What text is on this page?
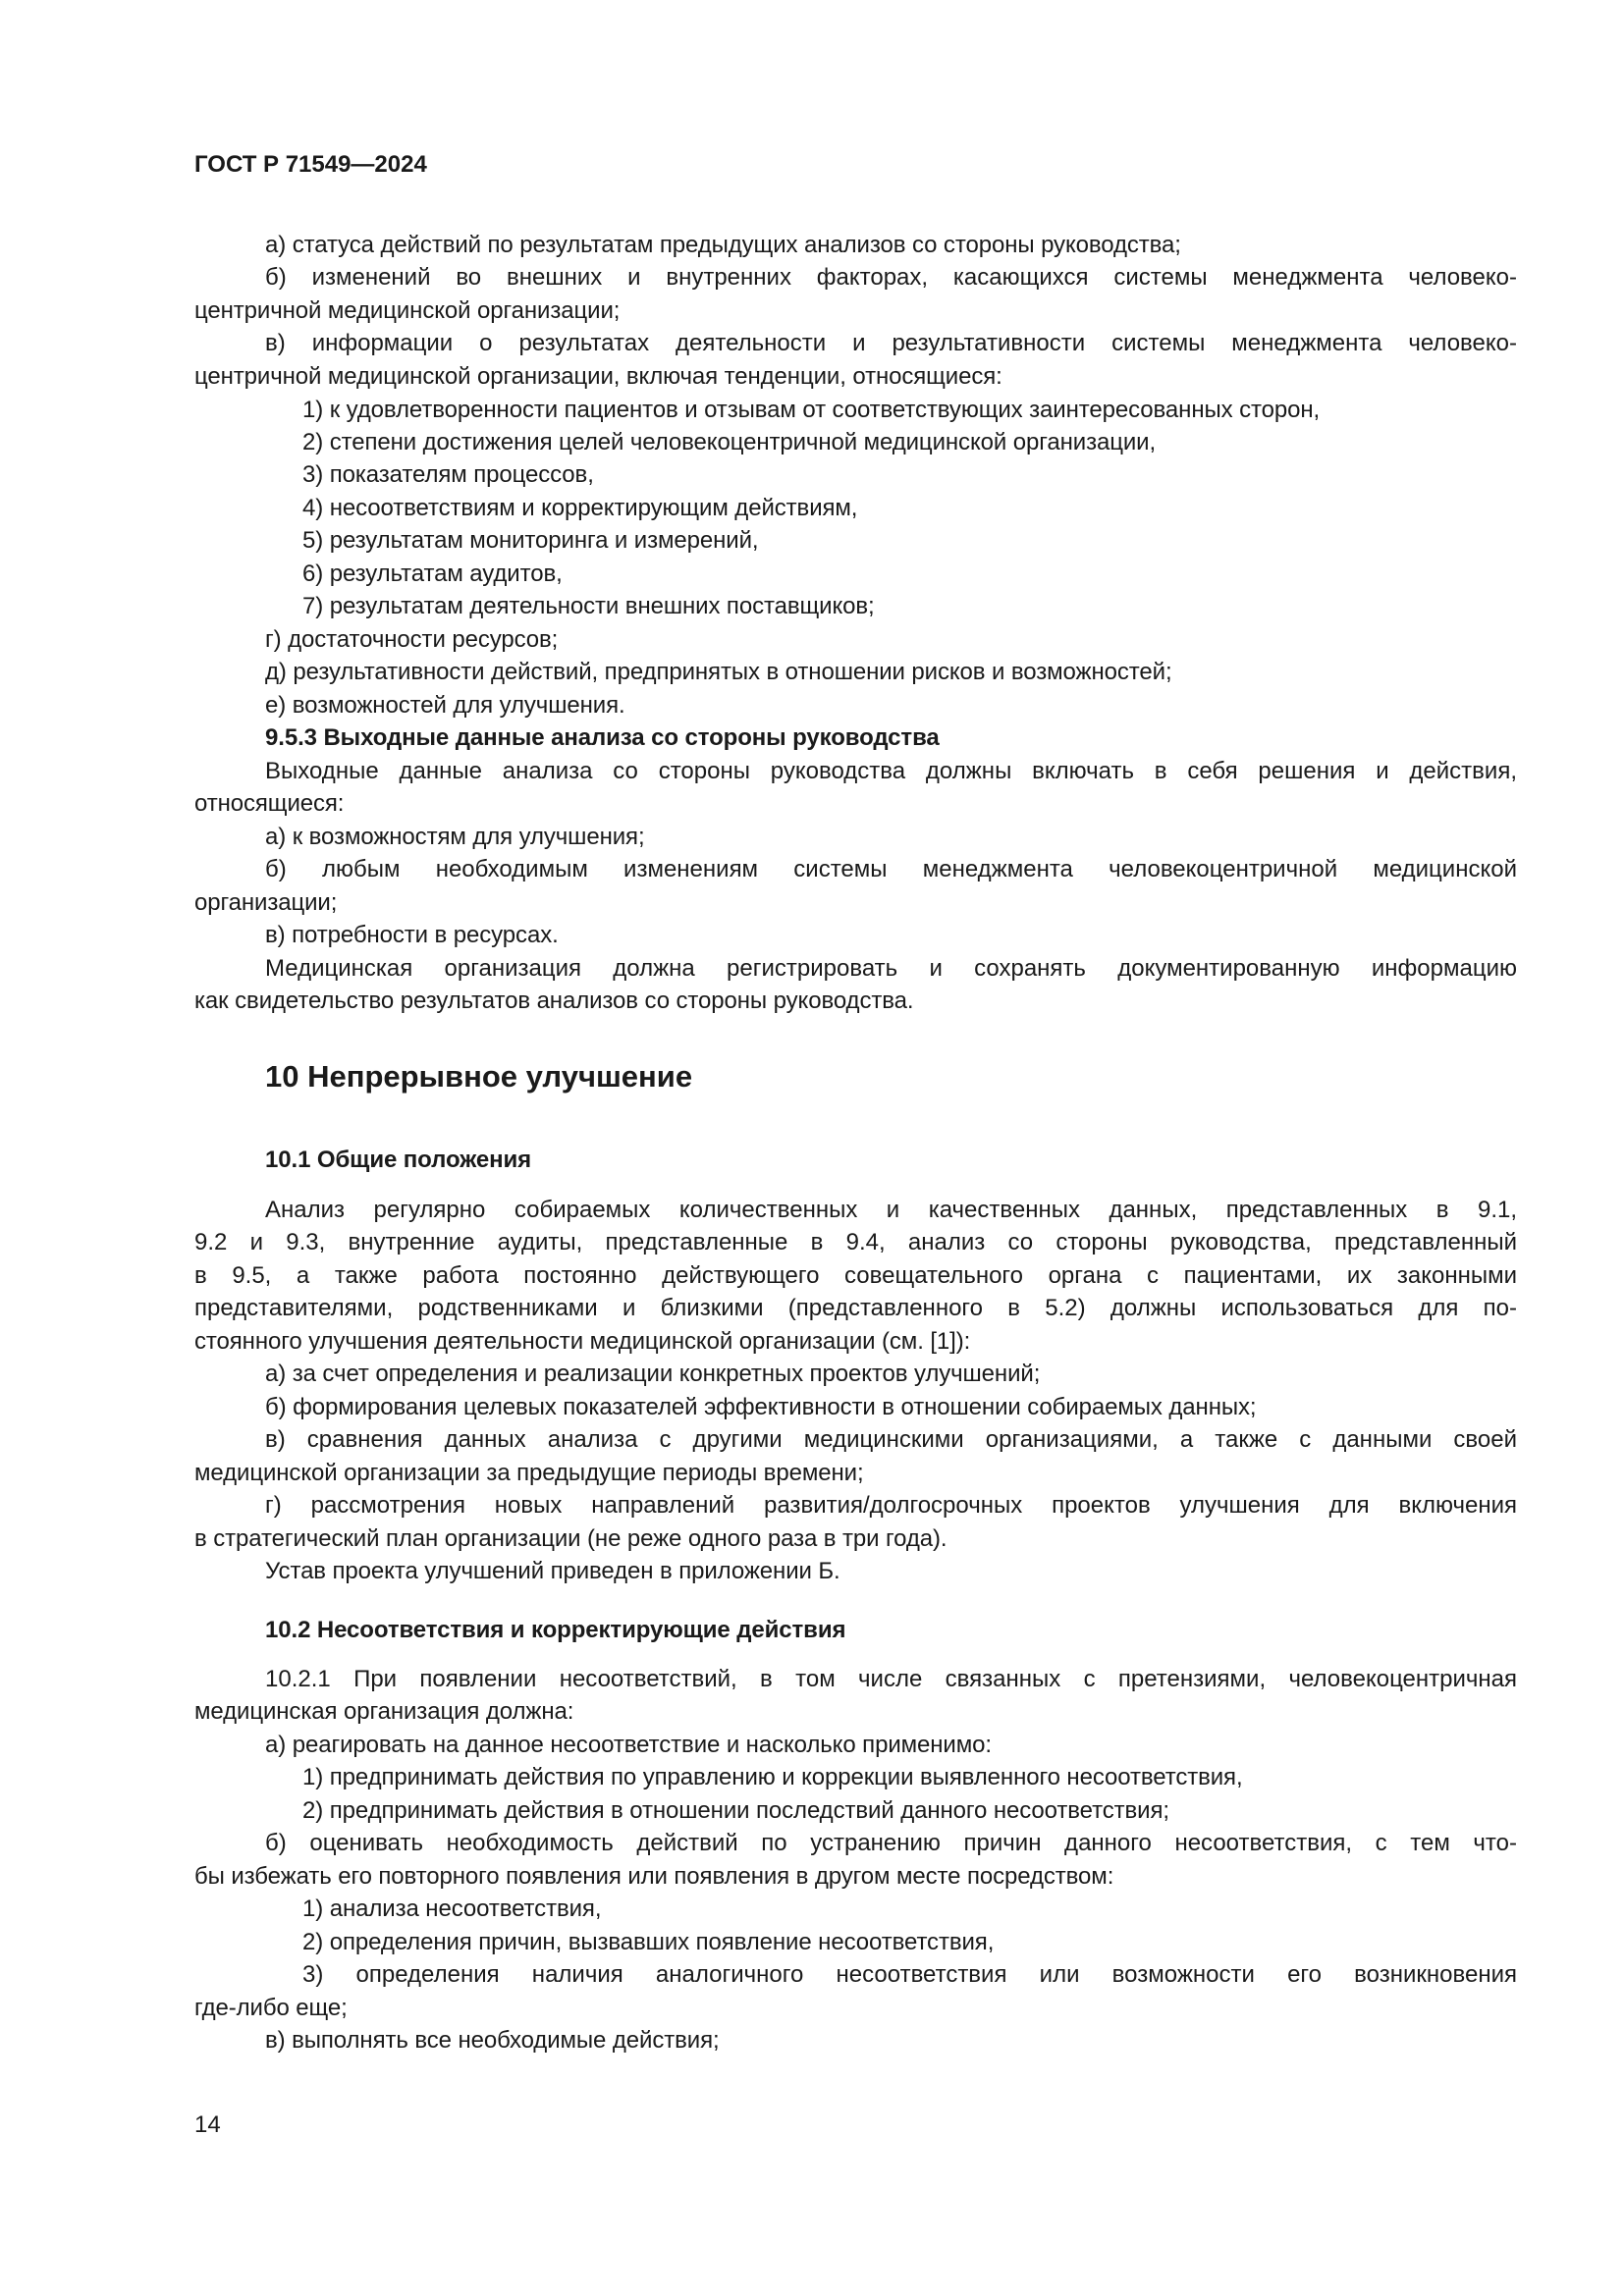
ГОСТ Р 71549—2024
а) статуса действий по результатам предыдущих анализов со стороны руководства;
б) изменений во внешних и внутренних факторах, касающихся системы менеджмента человеко-
центричной медицинской организации;
в) информации о результатах деятельности и результативности системы менеджмента человеко-
центричной медицинской организации, включая тенденции, относящиеся:
1) к удовлетворенности пациентов и отзывам от соответствующих заинтересованных сторон,
2) степени достижения целей человекоцентричной медицинской организации,
3) показателям процессов,
4) несоответствиям и корректирующим действиям,
5) результатам мониторинга и измерений,
6) результатам аудитов,
7) результатам деятельности внешних поставщиков;
г) достаточности ресурсов;
д) результативности действий, предпринятых в отношении рисков и возможностей;
е) возможностей для улучшения.
9.5.3 Выходные данные анализа со стороны руководства
Выходные данные анализа со стороны руководства должны включать в себя решения и действия,
относящиеся:
а) к возможностям для улучшения;
б) любым необходимым изменениям системы менеджмента человекоцентричной медицинской
организации;
в) потребности в ресурсах.
Медицинская организация должна регистрировать и сохранять документированную информацию
как свидетельство результатов анализов со стороны руководства.
10 Непрерывное улучшение
10.1 Общие положения
Анализ регулярно собираемых количественных и качественных данных, представленных в 9.1,
9.2 и 9.3, внутренние аудиты, представленные в 9.4, анализ со стороны руководства, представленный
в 9.5, а также работа постоянно действующего совещательного органа с пациентами, их законными
представителями, родственниками и близкими (представленного в 5.2) должны использоваться для по-
стоянного улучшения деятельности медицинской организации (см. [1]):
а) за счет определения и реализации конкретных проектов улучшений;
б) формирования целевых показателей эффективности в отношении собираемых данных;
в) сравнения данных анализа с другими медицинскими организациями, а также с данными своей
медицинской организации за предыдущие периоды времени;
г) рассмотрения новых направлений развития/долгосрочных проектов улучшения для включения
в стратегический план организации (не реже одного раза в три года).
Устав проекта улучшений приведен в приложении Б.
10.2 Несоответствия и корректирующие действия
10.2.1 При появлении несоответствий, в том числе связанных с претензиями, человекоцентричная
медицинская организация должна:
а) реагировать на данное несоответствие и насколько применимо:
1) предпринимать действия по управлению и коррекции выявленного несоответствия,
2) предпринимать действия в отношении последствий данного несоответствия;
б) оценивать необходимость действий по устранению причин данного несоответствия, с тем что-
бы избежать его повторного появления или появления в другом месте посредством:
1) анализа несоответствия,
2) определения причин, вызвавших появление несоответствия,
3) определения наличия аналогичного несоответствия или возможности его возникновения
где-либо еще;
в) выполнять все необходимые действия;
14
